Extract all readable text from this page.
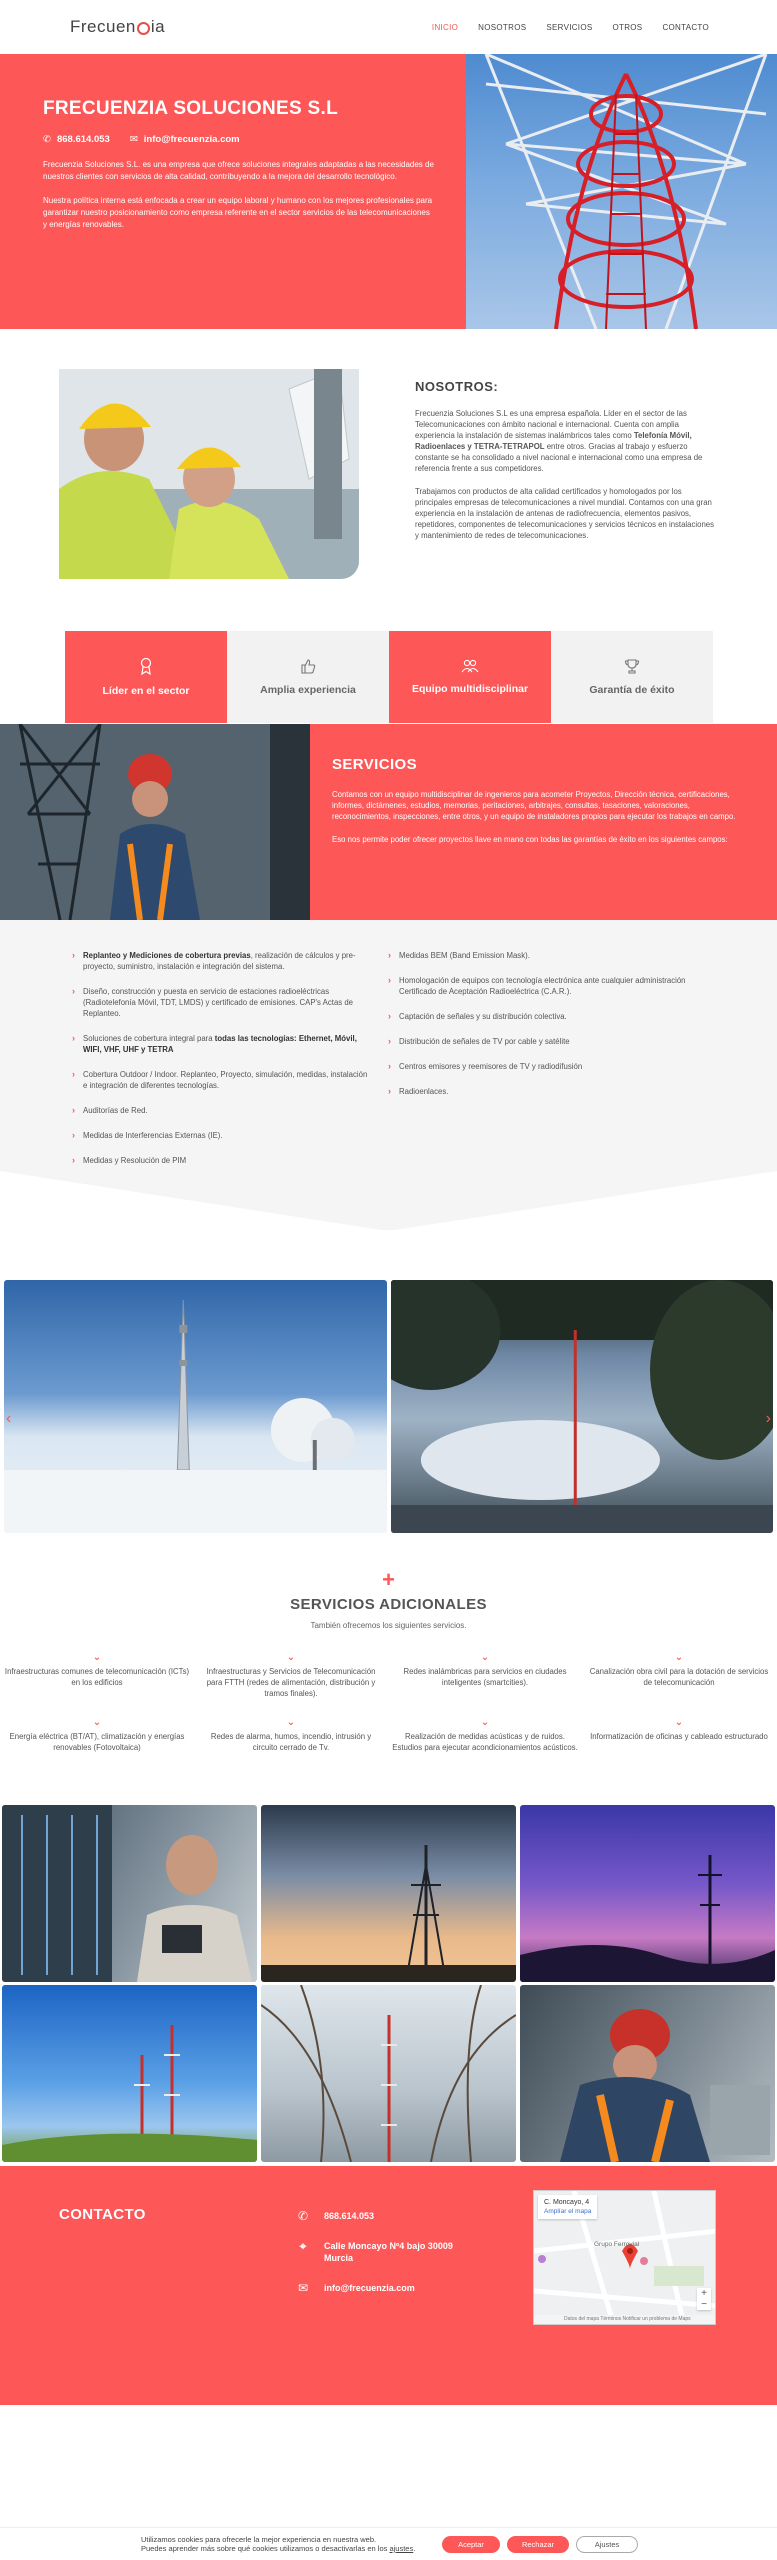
Frecuen ia	INICIO	NOSOTROS	SERVICIOS	OTROS	CONTACTO
FRECUENZIA SOLUCIONES S.L
✆ 868.614.053 ✉ info@frecuenzia.com

Frecuenzia Soluciones S.L. es una empresa que ofrece soluciones integrales adaptadas a las necesidades de nuestros clientes con servicios de alta calidad, contribuyendo a la mejora del desarrollo tecnológico.

Nuestra política interna está enfocada a crear un equipo laboral y humano con los mejores profesionales para garantizar nuestro posicionamiento como empresa referente en el sector servicios de las telecomunicaciones y energías renovables.

NOSOTROS:

Frecuenzia Soluciones S.L es una empresa española. Líder en el sector de las Telecomunicaciones con ámbito nacional e internacional. Cuenta con amplia experiencia la instalación de sistemas inalámbricos tales como Telefonía Móvil, Radioenlaces y TETRA-TETRAPOL entre otros. Gracias al trabajo y esfuerzo constante se ha consolidado a nivel nacional e internacional como una empresa de referencia frente a sus competidores.

Trabajamos con productos de alta calidad certificados y homologados por los principales empresas de telecomunicaciones a nivel mundial. Contamos con una gran experiencia en la instalación de antenas de radiofrecuencia, elementos pasivos, repetidores, componentes de telecomunicaciones y servicios técnicos en instalaciones y mantenimiento de redes de telecomunicaciones.

Líder en el sector	Amplia experiencia	Equipo multidisciplinar	Garantía de éxito
SERVICIOS

Contamos con un equipo multidisciplinar de ingenieros para acometer Proyectos, Dirección técnica, certificaciones, informes, dictámenes, estudios, memorias, peritaciones, arbitrajes, consultas, tasaciones, valoraciones, reconocimientos, inspecciones, entre otros, y un equipo de instaladores propios para ejecutar los trabajos en campo.

Eso nos permite poder ofrecer proyectos llave en mano con todas las garantías de éxito en los siguientes campos:

› Replanteo y Mediciones de cobertura previas, realización de cálculos y pre-proyecto, suministro, instalación e integración del sistema.
› Diseño, construcción y puesta en servicio de estaciones radioeléctricas (Radiotelefonía Móvil, TDT, LMDS) y certificado de emisiones. CAP's Actas de Replanteo.
› Soluciones de cobertura integral para todas las tecnologías: Ethernet, Móvil, WIFI, VHF, UHF y TETRA
› Cobertura Outdoor / Indoor. Replanteo, Proyecto, simulación, medidas, instalación e integración de diferentes tecnologías.
› Auditorías de Red.
› Medidas de Interferencias Externas (IE).
› Medidas y Resolución de PIM
› Medidas BEM (Band Emission Mask).
› Homologación de equipos con tecnología electrónica ante cualquier administración Certificado de Aceptación Radioeléctrica (C.A.R.).
› Captación de señales y su distribución colectiva.
› Distribución de señales de TV por cable y satélite
› Centros emisores y reemisores de TV y radiodifusión
› Radioenlaces.
‹	›
+
SERVICIOS ADICIONALES

También ofrecemos los siguientes servicios.

⌄
Infraestructuras comunes de telecomunicación (ICTs) en los edificios
⌄
Infraestructuras y Servicios de Telecomunicación para FTTH (redes de alimentación, distribución y tramos finales).
⌄
Redes inalámbricas para servicios en ciudades inteligentes (smartcities).
⌄
Canalización obra civil para la dotación de servicios de telecomunicación
⌄
Energía eléctrica (BT/AT), climatización y energías renovables (Fotovoltaica)
⌄
Redes de alarma, humos, incendio, intrusión y circuito cerrado de Tv.
⌄
Realización de medidas acústicas y de ruidos. Estudios para ejecutar acondicionamientos acústicos.
⌄
Informatización de oficinas y cableado estructurado
CONTACTO	✆ 868.614.053
⌖	Calle Moncayo Nº4 bajo 30009
Murcia
✉ info@frecuenzia.com
C. Moncayo, 4
Amplíar el mapa
Grupo Ferrovial
+
−
Datos del mapa Términos Notificar un problema de Maps
Utilizamos cookies para ofrecerle la mejor experiencia en nuestra web.
Puedes aprender más sobre qué cookies utilizamos o desactivarlas en los ajustes.	Aceptar	Rechazar	Ajustes
